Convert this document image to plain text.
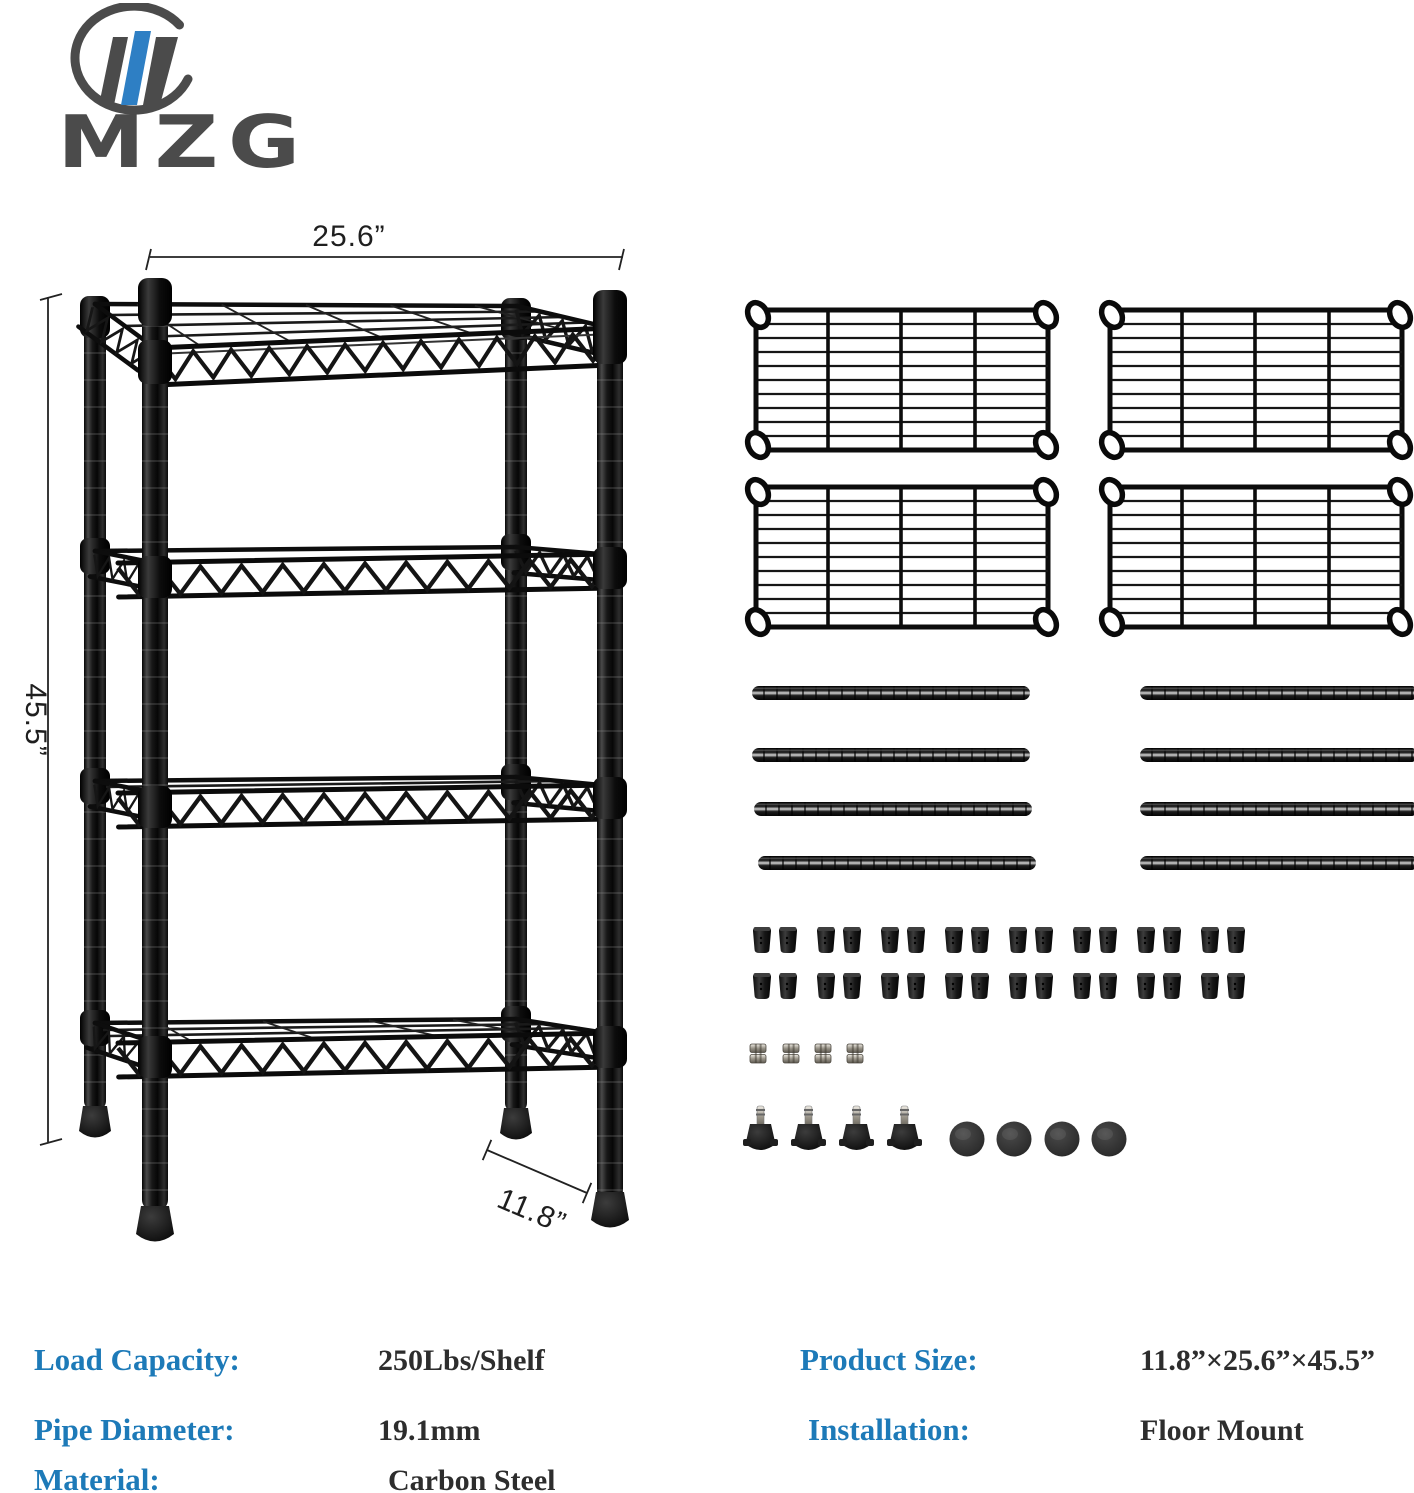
MZG
25.6”
45.5”
11.8”
Load Capacity:	250Lbs/Shelf
Pipe Diameter:	19.1mm
Material:	Carbon Steel
Product Size:	11.8”×25.6”×45.5”
Installation:	Floor Mount
